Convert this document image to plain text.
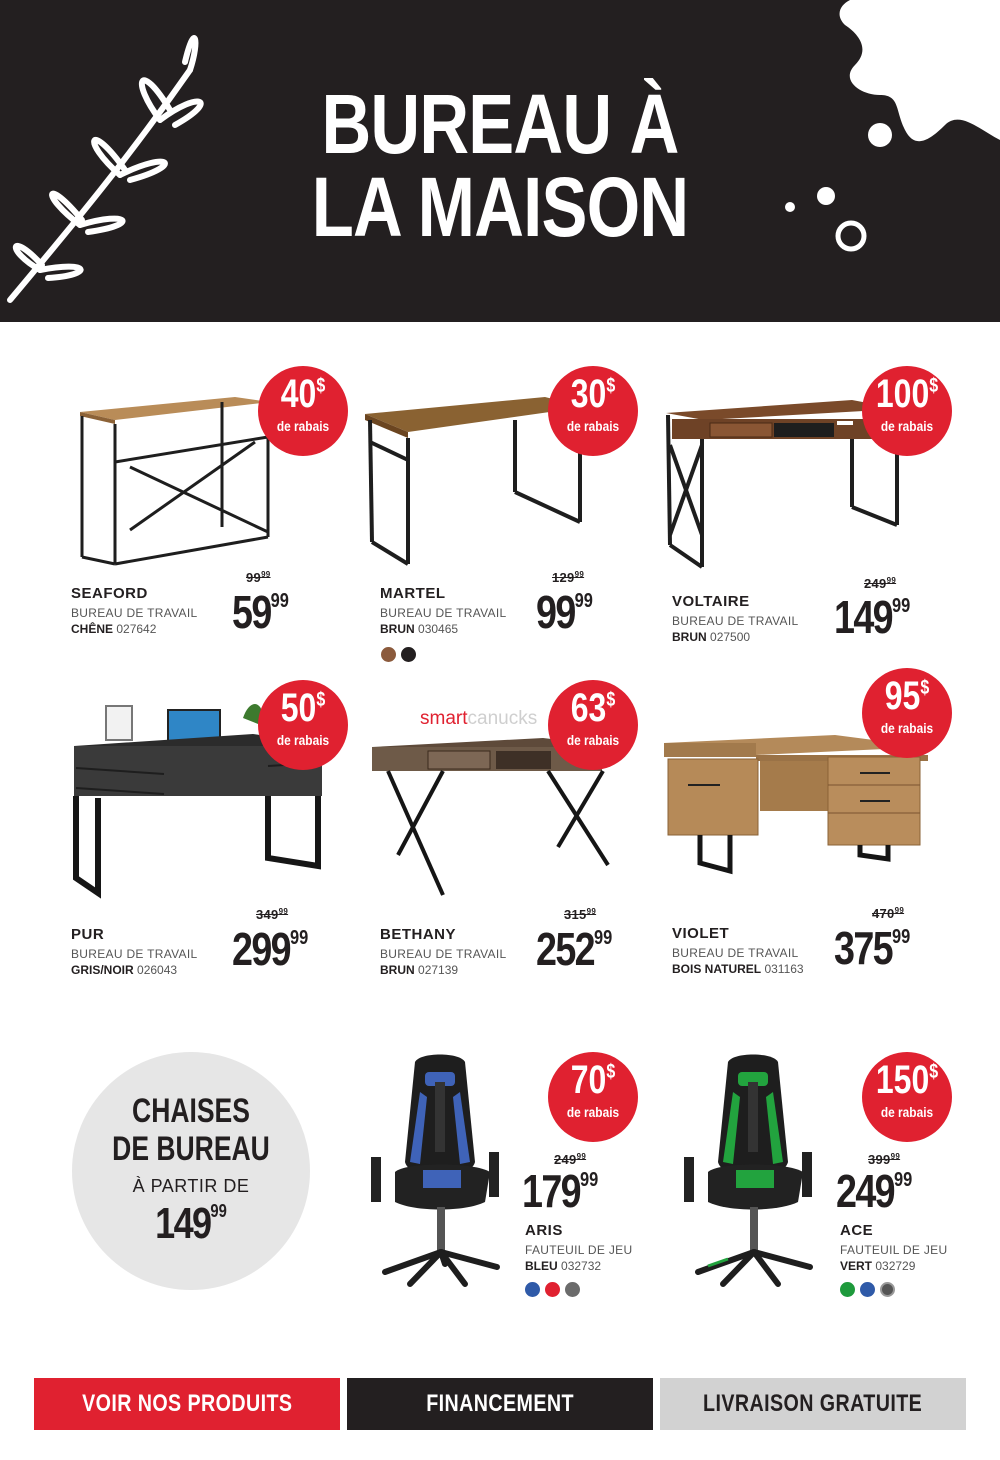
BUREAU À
LA MAISON
40$
de rabais
SEAFORD
BUREAU DE TRAVAIL
CHÊNE 027642
$99^{99}$
$59^{99}$
30$
de rabais
MARTEL
BUREAU DE TRAVAIL
BRUN 030465
$129^{99}$
$99^{99}$
100$
de rabais
VOLTAIRE
BUREAU DE TRAVAIL
BRUN 027500
$249^{99}$
$149^{99}$
50$
de rabais
PUR
BUREAU DE TRAVAIL
GRIS/NOIR 026043
$349^{99}$
$299^{99}$
63$
de rabais
BETHANY
BUREAU DE TRAVAIL
BRUN 027139
$315^{99}$
$252^{99}$
95$
de rabais
VIOLET
BUREAU DE TRAVAIL
BOIS NATUREL 031163
$470^{99}$
$375^{99}$
smartcanucks
CHAISES
DE BUREAU
À PARTIR DE
$149^{99}$
70$
de rabais
$249^{99}$
$179^{99}$
ARIS
FAUTEUIL DE JEU
BLEU 032732
150$
de rabais
$399^{99}$
$249^{99}$
ACE
FAUTEUIL DE JEU
VERT 032729
VOIR NOS PRODUITS	FINANCEMENT	LIVRAISON GRATUITE
